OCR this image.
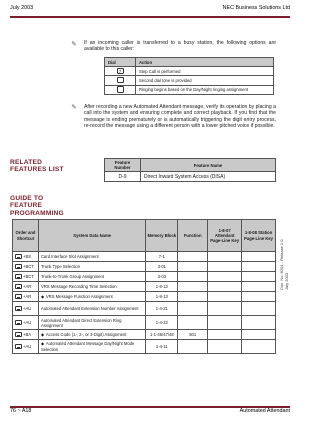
July 2003	NEC Business Solutions Ltd
✎ If an incoming caller is transferred to a busy station, the following options are available to this caller:

Dial	Action
7	Step Call is performed
	Second dial tone is provided
	Ringing begins based on the Day/Night ringing assignment
✎ After recording a new Automated Attendant message, verify its operation by placing a call into the system and ensuring complete and correct playback. If you find that the message is ending prematurely or is automatically triggering the digit entry process, re-record the message using a different person with a lower pitched voice if possible.

RELATED
FEATURES LIST
Feature Number	Feature Name
D-9	Direct Inward System Access (DISA)
GUIDE TO
FEATURE
PROGRAMMING
Order and Shortcut	System Data Name	Memory Block	Function	1-8-07 Attendant Page-Line Key	1-8-08 Station Page-Line Key

+BS	Card Interface Slot Assignment	7-1			

+BCT	Trunk Type Selection	3-01			

+BCT	Trunk-to-Trunk Group Assignment	3-03			

+AR	VRS Message Recording Time Selection	1-8-12			

+AR	◆ VRS Message Function Assignment	1-8-13			

+AU	Automated Attendant Extension Number Assignment	1-4-21			

+AU	Automated Attendant Direct Extension Ring Assignment	1-4-22			

+BA	◆ Access Code (1-, 2-, or 3-Digit) Assignment	1-1-46/47/48	501		

+AU	◆ Automated Attendant Message Day/Night Mode Selection	1-4-11			
Doc. No. 8201 - Release 1.0 July 2003
76 ~ A18	Automated Attendant
